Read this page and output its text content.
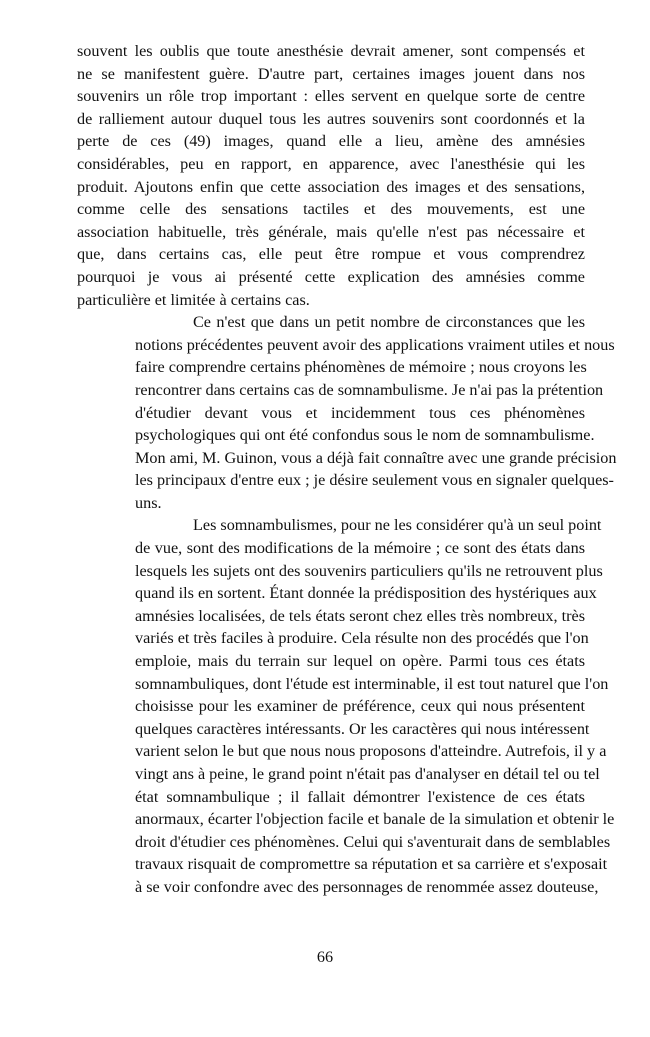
souvent les oublis que toute anesthésie devrait amener, sont compensés et
ne se manifestent guère. D'autre part, certaines images jouent dans nos
souvenirs un rôle trop important : elles servent en quelque sorte de centre
de ralliement autour duquel tous les autres souvenirs sont coordonnés et la
perte de ces (49) images, quand elle a lieu, amène des amnésies
considérables, peu en rapport, en apparence, avec l'anesthésie qui les
produit. Ajoutons enfin que cette association des images et des sensations,
comme celle des sensations tactiles et des mouvements, est une
association habituelle, très générale, mais qu'elle n'est pas nécessaire et
que, dans certains cas, elle peut être rompue et vous comprendrez
pourquoi je vous ai présenté cette explication des amnésies comme
particulière et limitée à certains cas.

Ce n'est que dans un petit nombre de circonstances que les
notions précédentes peuvent avoir des applications vraiment utiles et nous
faire comprendre certains phénomènes de mémoire ; nous croyons les
rencontrer dans certains cas de somnambulisme. Je n'ai pas la prétention
d'étudier devant vous et incidemment tous ces phénomènes
psychologiques qui ont été confondus sous le nom de somnambulisme.
Mon ami, M. Guinon, vous a déjà fait connaître avec une grande précision
les principaux d'entre eux ; je désire seulement vous en signaler quelques-
uns.

Les somnambulismes, pour ne les considérer qu'à un seul point
de vue, sont des modifications de la mémoire ; ce sont des états dans
lesquels les sujets ont des souvenirs particuliers qu'ils ne retrouvent plus
quand ils en sortent. Étant donnée la prédisposition des hystériques aux
amnésies localisées, de tels états seront chez elles très nombreux, très
variés et très faciles à produire. Cela résulte non des procédés que l'on
emploie, mais du terrain sur lequel on opère. Parmi tous ces états
somnambuliques, dont l'étude est interminable, il est tout naturel que l'on
choisisse pour les examiner de préférence, ceux qui nous présentent
quelques caractères intéressants. Or les caractères qui nous intéressent
varient selon le but que nous nous proposons d'atteindre. Autrefois, il y a
vingt ans à peine, le grand point n'était pas d'analyser en détail tel ou tel
état somnambulique ; il fallait démontrer l'existence de ces états
anormaux, écarter l'objection facile et banale de la simulation et obtenir le
droit d'étudier ces phénomènes. Celui qui s'aventurait dans de semblables
travaux risquait de compromettre sa réputation et sa carrière et s'exposait
à se voir confondre avec des personnages de renommée assez douteuse,

66
